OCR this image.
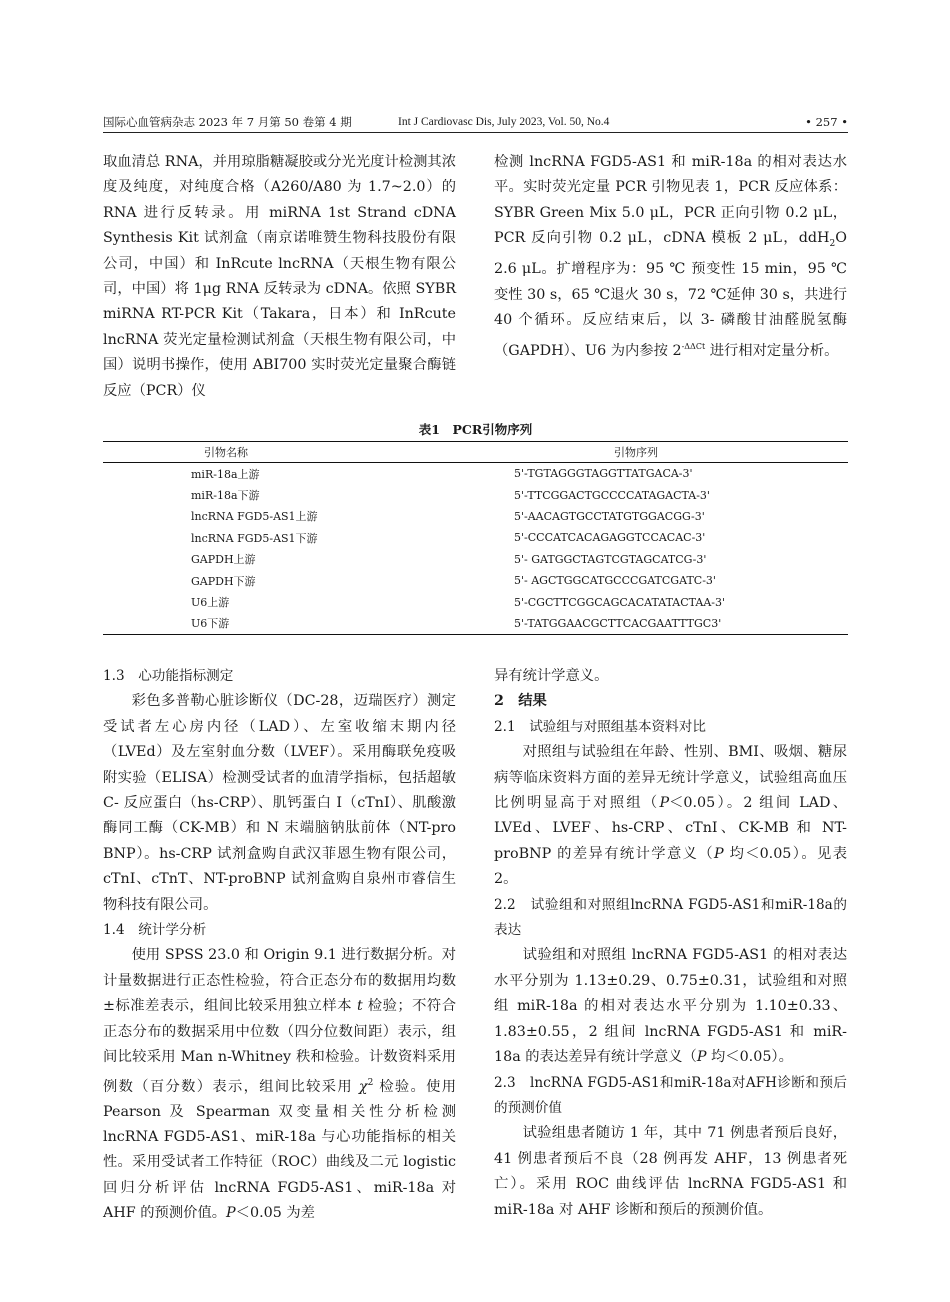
国际心血管病杂志 2023 年 7 月第 50 卷第 4 期	Int J Cardiovasc Dis, July 2023, Vol. 50, No.4	• 257 •

取血清总 RNA，并用琼脂糖凝胶或分光光度计检测其浓度及纯度，对纯度合格（A260/A80 为 1.7~2.0）的 RNA 进行反转录。用 miRNA 1st Strand cDNA Synthesis Kit 试剂盒（南京诺唯赞生物科技股份有限公司，中国）和 InRcute lncRNA（天根生物有限公司，中国）将 1μg RNA 反转录为 cDNA。依照 SYBR miRNA RT-PCR Kit（Takara，日本）和 InRcute lncRNA 荧光定量检测试剂盒（天根生物有限公司，中国）说明书操作，使用 ABI700 实时荧光定量聚合酶链反应（PCR）仪

检测 lncRNA FGD5-AS1 和 miR-18a 的相对表达水平。实时荧光定量 PCR 引物见表 1，PCR 反应体系：SYBR Green Mix 5.0 μL，PCR 正向引物 0.2 μL，PCR 反向引物 0.2 μL，cDNA 模板 2 μL，ddH$_2$O 2.6 μL。扩增程序为：95 ℃ 预变性 15 min，95 ℃变性 30 s，65 ℃退火 30 s，72 ℃延伸 30 s，共进行 40 个循环。反应结束后，以 3- 磷酸甘油醛脱氢酶（GAPDH）、U6 为内参按 $2^{-\Delta\Delta Ct}$ 进行相对定量分析。

表1　PCR引物序列
引物名称	引物序列
miR-18a上游	5'-TGTAGGGTAGGTTATGACA-3'
miR-18a下游	5'-TTCGGACTGCCCCATAGACTA-3'
lncRNA FGD5-AS1上游	5'-AACAGTGCCTATGTGGACGG-3'
lncRNA FGD5-AS1下游	5'-CCCATCACAGAGGTCCACAC-3'
GAPDH上游	5'- GATGGCTAGTCGTAGCATCG-3'
GAPDH下游	5'- AGCTGGCATGCCCGATCGATC-3'
U6上游	5'-CGCTTCGGCAGCACATATACTAA-3'
U6下游	5'-TATGGAACGCTTCACGAATTTGC3'

1.3　心功能指标测定

彩色多普勒心脏诊断仪（DC-28，迈瑞医疗）测定受试者左心房内径（LAD）、左室收缩末期内径（LVEd）及左室射血分数（LVEF）。采用酶联免疫吸附实验（ELISA）检测受试者的血清学指标，包括超敏 C- 反应蛋白（hs-CRP）、肌钙蛋白 I（cTnI）、肌酸激酶同工酶（CK-MB）和 N 末端脑钠肽前体（NT-pro BNP）。hs-CRP 试剂盒购自武汉菲恩生物有限公司，cTnI、cTnT、NT-proBNP 试剂盒购自泉州市睿信生物科技有限公司。

1.4　统计学分析

使用 SPSS 23.0 和 Origin 9.1 进行数据分析。对计量数据进行正态性检验，符合正态分布的数据用均数±标准差表示，组间比较采用独立样本 t 检验；不符合正态分布的数据采用中位数（四分位数间距）表示，组间比较采用 Man n-Whitney 秩和检验。计数资料采用例数（百分数）表示，组间比较采用 $\chi^2$ 检验。使用 Pearson 及 Spearman 双变量相关性分析检测 lncRNA FGD5-AS1、miR-18a 与心功能指标的相关性。采用受试者工作特征（ROC）曲线及二元 logistic 回归分析评估 lncRNA FGD5-AS1、miR-18a 对 AHF 的预测价值。P＜0.05 为差

异有统计学意义。

2　结果

2.1　试验组与对照组基本资料对比

对照组与试验组在年龄、性别、BMI、吸烟、糖尿病等临床资料方面的差异无统计学意义，试验组高血压比例明显高于对照组（P＜0.05）。2 组间 LAD、LVEd、LVEF、hs-CRP、cTnI、CK-MB 和 NT-proBNP 的差异有统计学意义（P 均＜0.05）。见表 2。

2.2　试验组和对照组lncRNA FGD5-AS1和miR-18a的表达

试验组和对照组 lncRNA FGD5-AS1 的相对表达水平分别为 1.13±0.29、0.75±0.31，试验组和对照组 miR-18a 的相对表达水平分别为 1.10±0.33、1.83±0.55，2 组间 lncRNA FGD5-AS1 和 miR-18a 的表达差异有统计学意义（P 均＜0.05）。

2.3　lncRNA FGD5-AS1和miR-18a对AFH诊断和预后的预测价值

试验组患者随访 1 年，其中 71 例患者预后良好，41 例患者预后不良（28 例再发 AHF，13 例患者死亡）。采用 ROC 曲线评估 lncRNA FGD5-AS1 和 miR-18a 对 AHF 诊断和预后的预测价值。
